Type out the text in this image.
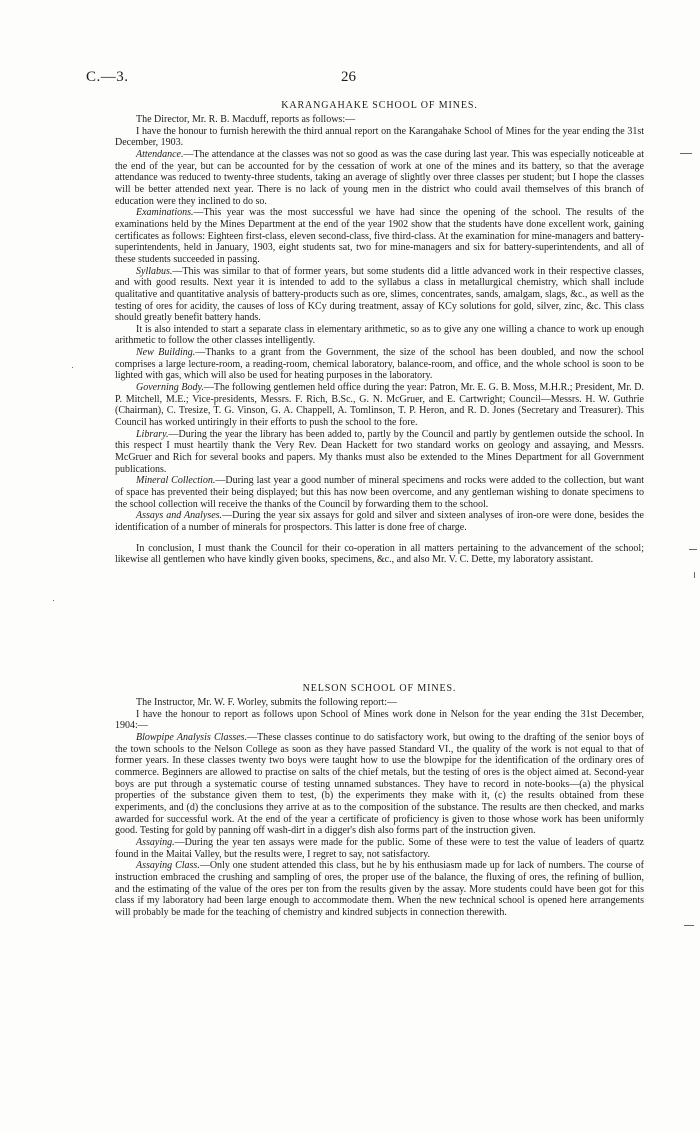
C.—3.	26
KARANGAHAKE SCHOOL OF MINES.

The Director, Mr. R. B. Macduff, reports as follows:—

I have the honour to furnish herewith the third annual report on the Karangahake School of Mines for the year ending the 31st December, 1903.

Attendance.—The attendance at the classes was not so good as was the case during last year. This was especially noticeable at the end of the year, but can be accounted for by the cessation of work at one of the mines and its battery, so that the average attendance was reduced to twenty-three students, taking an average of slightly over three classes per student; but I hope the classes will be better attended next year. There is no lack of young men in the district who could avail themselves of this branch of education were they inclined to do so.

Examinations.—This year was the most successful we have had since the opening of the school. The results of the examinations held by the Mines Department at the end of the year 1902 show that the students have done excellent work, gaining certificates as follows: Eighteen first-class, eleven second-class, five third-class. At the examination for mine-managers and battery-superintendents, held in January, 1903, eight students sat, two for mine-managers and six for battery-superintendents, and all of these students succeeded in passing.

Syllabus.—This was similar to that of former years, but some students did a little advanced work in their respective classes, and with good results. Next year it is intended to add to the syllabus a class in metallurgical chemistry, which shall include qualitative and quantitative analysis of battery-products such as ore, slimes, concentrates, sands, amalgam, slags, &c., as well as the testing of ores for acidity, the causes of loss of KCy during treatment, assay of KCy solutions for gold, silver, zinc, &c. This class should greatly benefit battery hands.

It is also intended to start a separate class in elementary arithmetic, so as to give any one willing a chance to work up enough arithmetic to follow the other classes intelligently.

New Building.—Thanks to a grant from the Government, the size of the school has been doubled, and now the school comprises a large lecture-room, a reading-room, chemical laboratory, balance-room, and office, and the whole school is soon to be lighted with gas, which will also be used for heating purposes in the laboratory.

Governing Body.—The following gentlemen held office during the year: Patron, Mr. E. G. B. Moss, M.H.R.; President, Mr. D. P. Mitchell, M.E.; Vice-presidents, Messrs. F. Rich, B.Sc., G. N. McGruer, and E. Cartwright; Council—Messrs. H. W. Guthrie (Chairman), C. Tresize, T. G. Vinson, G. A. Chappell, A. Tomlinson, T. P. Heron, and R. D. Jones (Secretary and Treasurer). This Council has worked untiringly in their efforts to push the school to the fore.

Library.—During the year the library has been added to, partly by the Council and partly by gentlemen outside the school. In this respect I must heartily thank the Very Rev. Dean Hackett for two standard works on geology and assaying, and Messrs. McGruer and Rich for several books and papers. My thanks must also be extended to the Mines Department for all Government publications.

Mineral Collection.—During last year a good number of mineral specimens and rocks were added to the collection, but want of space has prevented their being displayed; but this has now been overcome, and any gentleman wishing to donate specimens to the school collection will receive the thanks of the Council by forwarding them to the school.

Assays and Analyses.—During the year six assays for gold and silver and sixteen analyses of iron-ore were done, besides the identification of a number of minerals for prospectors. This latter is done free of charge.

In conclusion, I must thank the Council for their co-operation in all matters pertaining to the advancement of the school; likewise all gentlemen who have kindly given books, specimens, &c., and also Mr. V. C. Dette, my laboratory assistant.

NELSON SCHOOL OF MINES.

The Instructor, Mr. W. F. Worley, submits the following report:—

I have the honour to report as follows upon School of Mines work done in Nelson for the year ending the 31st December, 1904:—

Blowpipe Analysis Classes.—These classes continue to do satisfactory work, but owing to the drafting of the senior boys of the town schools to the Nelson College as soon as they have passed Standard VI., the quality of the work is not equal to that of former years. In these classes twenty two boys were taught how to use the blowpipe for the identification of the ordinary ores of commerce. Beginners are allowed to practise on salts of the chief metals, but the testing of ores is the object aimed at. Second-year boys are put through a systematic course of testing unnamed substances. They have to record in note-books—(a) the physical properties of the substance given them to test, (b) the experiments they make with it, (c) the results obtained from these experiments, and (d) the conclusions they arrive at as to the composition of the substance. The results are then checked, and marks awarded for successful work. At the end of the year a certificate of proficiency is given to those whose work has been uniformly good. Testing for gold by panning off wash-dirt in a digger's dish also forms part of the instruction given.

Assaying.—During the year ten assays were made for the public. Some of these were to test the value of leaders of quartz found in the Maitai Valley, but the results were, I regret to say, not satisfactory.

Assaying Class.—Only one student attended this class, but he by his enthusiasm made up for lack of numbers. The course of instruction embraced the crushing and sampling of ores, the proper use of the balance, the fluxing of ores, the refining of bullion, and the estimating of the value of the ores per ton from the results given by the assay. More students could have been got for this class if my laboratory had been large enough to accommodate them. When the new technical school is opened here arrangements will probably be made for the teaching of chemistry and kindred subjects in connection therewith.
